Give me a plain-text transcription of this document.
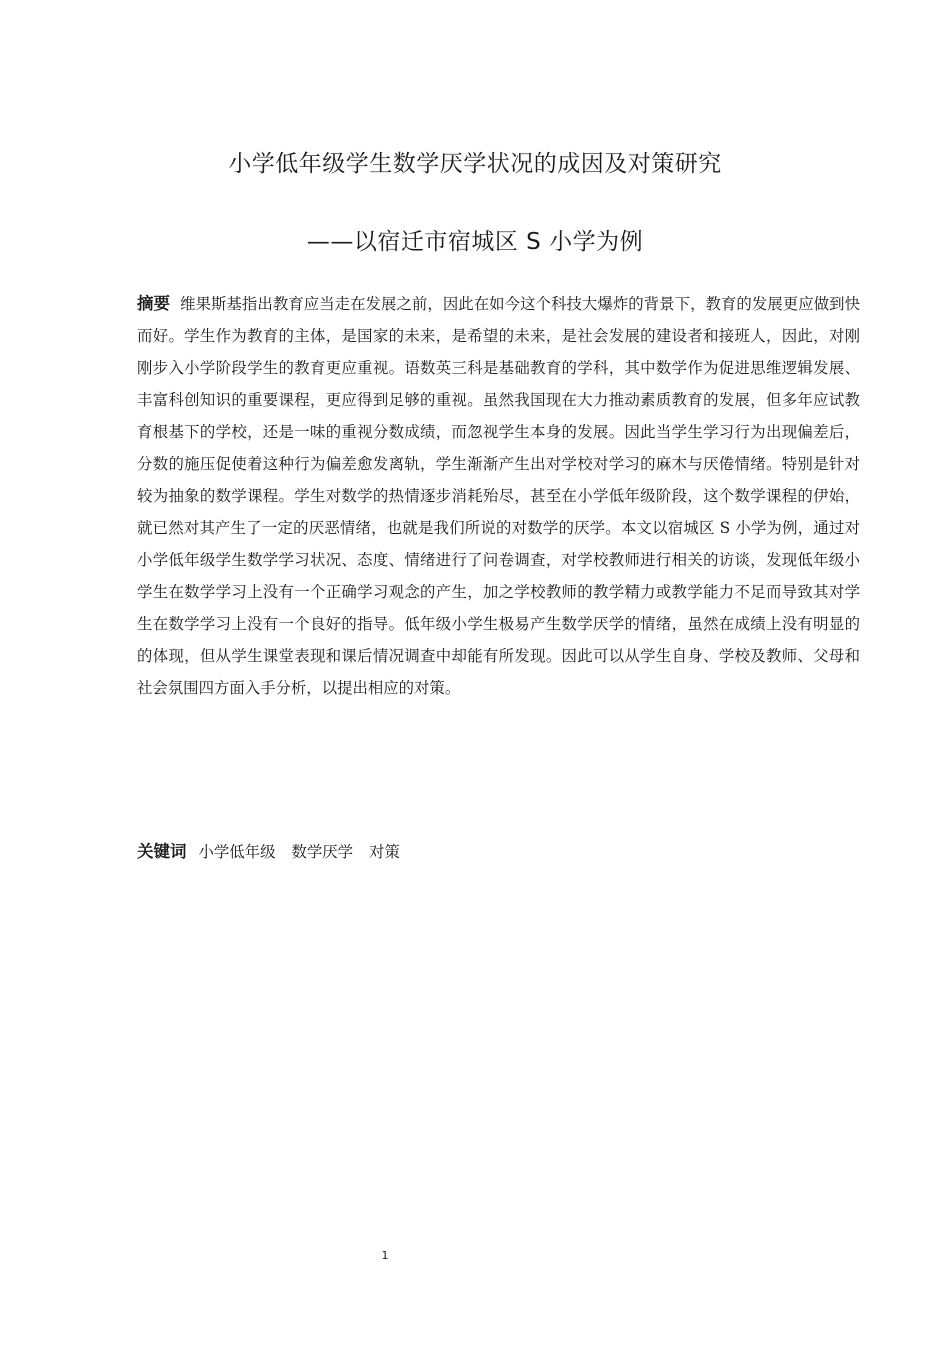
小学低年级学生数学厌学状况的成因及对策研究
——以宿迁市宿城区 S 小学为例

摘要 维果斯基指出教育应当走在发展之前，因此在如今这个科技大爆炸的背景下，教育的发展更应做到快而好。学生作为教育的主体，是国家的未来，是希望的未来，是社会发展的建设者和接班人，因此，对刚刚步入小学阶段学生的教育更应重视。语数英三科是基础教育的学科，其中数学作为促进思维逻辑发展、丰富科创知识的重要课程，更应得到足够的重视。虽然我国现在大力推动素质教育的发展，但多年应试教育根基下的学校，还是一味的重视分数成绩，而忽视学生本身的发展。因此当学生学习行为出现偏差后，分数的施压促使着这种行为偏差愈发离轨，学生渐渐产生出对学校对学习的麻木与厌倦情绪。特别是针对较为抽象的数学课程。学生对数学的热情逐步消耗殆尽，甚至在小学低年级阶段，这个数学课程的伊始，就已然对其产生了一定的厌恶情绪，也就是我们所说的对数学的厌学。本文以宿城区 S 小学为例，通过对小学低年级学生数学学习状况、态度、情绪进行了问卷调查，对学校教师进行相关的访谈，发现低年级小学生在数学学习上没有一个正确学习观念的产生，加之学校教师的教学精力或教学能力不足而导致其对学生在数学学习上没有一个良好的指导。低年级小学生极易产生数学厌学的情绪，虽然在成绩上没有明显的的体现，但从学生课堂表现和课后情况调查中却能有所发现。因此可以从学生自身、学校及教师、父母和社会氛围四方面入手分析，以提出相应的对策。

关键词 小学低年级 数学厌学 对策

1
